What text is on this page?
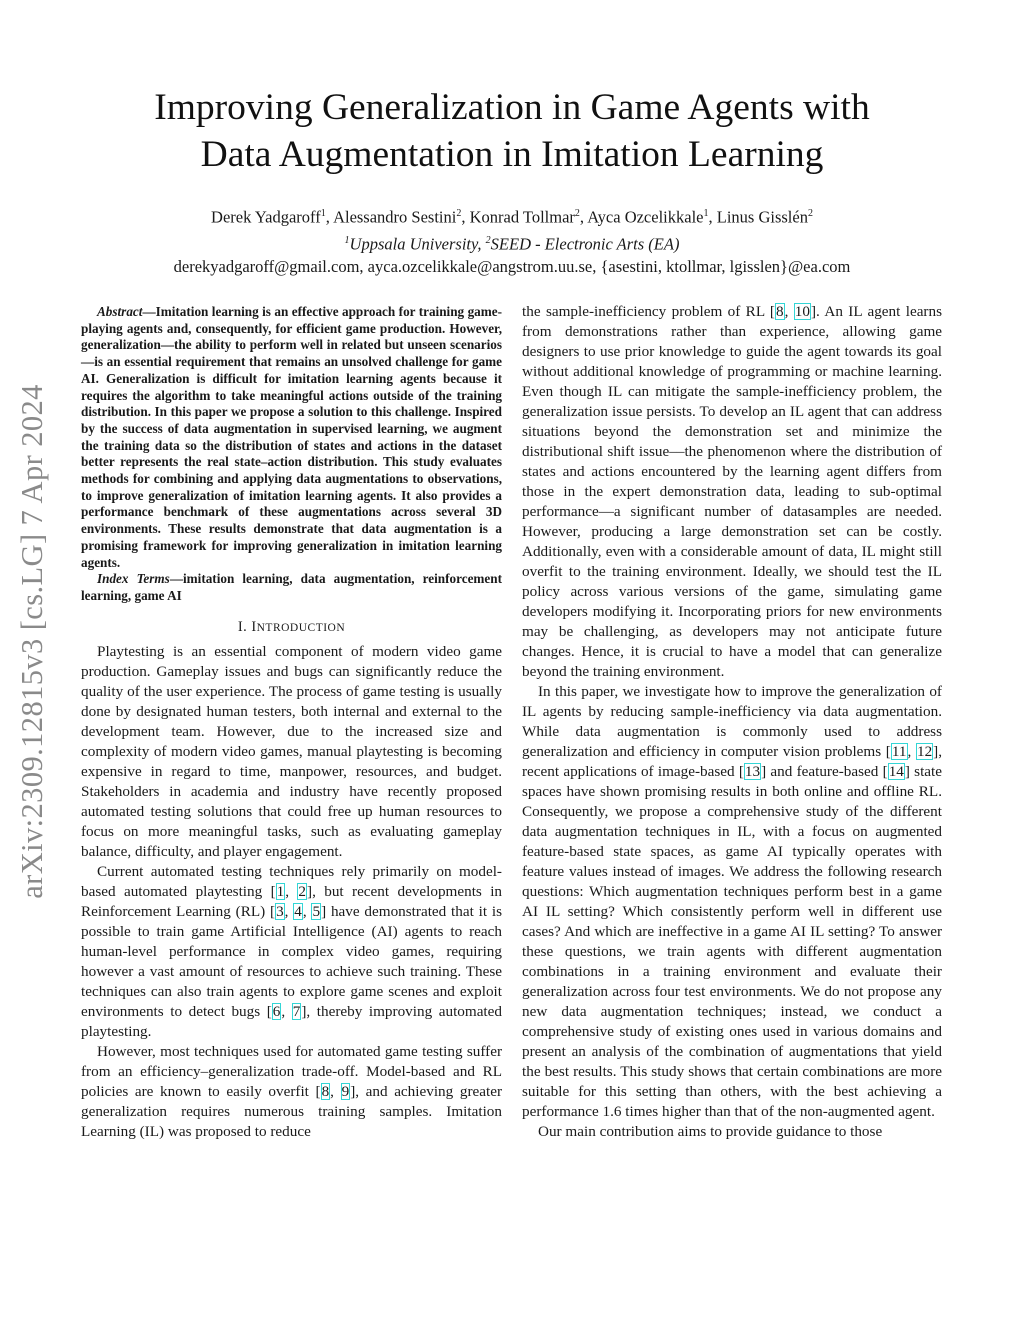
arXiv:2309.12815v3 [cs.LG] 7 Apr 2024
Improving Generalization in Game Agents with
Data Augmentation in Imitation Learning
Derek Yadgaroff$^1$, Alessandro Sestini$^2$, Konrad Tollmar$^2$, Ayca Ozcelikkale$^1$, Linus Gisslén$^2$
$^1$Uppsala University, $^2$SEED - Electronic Arts (EA)
derekyadgaroff@gmail.com, ayca.ozcelikkale@angstrom.uu.se, {asestini, ktollmar, lgisslen}@ea.com

Abstract—Imitation learning is an effective approach for training game-playing agents and, consequently, for efficient game production. However, generalization—the ability to perform well in related but unseen scenarios—is an essential requirement that remains an unsolved challenge for game AI. Generalization is difficult for imitation learning agents because it requires the algorithm to take meaningful actions outside of the training distribution. In this paper we propose a solution to this challenge. Inspired by the success of data augmentation in supervised learning, we augment the training data so the distribution of states and actions in the dataset better represents the real state–action distribution. This study evaluates methods for combining and applying data augmentations to observations, to improve generalization of imitation learning agents. It also provides a performance benchmark of these augmentations across several 3D environments. These results demonstrate that data augmentation is a promising framework for improving generalization in imitation learning agents.

Index Terms—imitation learning, data augmentation, reinforcement learning, game AI

I. INTRODUCTION

Playtesting is an essential component of modern video game production. Gameplay issues and bugs can significantly reduce the quality of the user experience. The process of game testing is usually done by designated human testers, both internal and external to the development team. However, due to the increased size and complexity of modern video games, manual playtesting is becoming expensive in regard to time, manpower, resources, and budget. Stakeholders in academia and industry have recently proposed automated testing solutions that could free up human resources to focus on more meaningful tasks, such as evaluating gameplay balance, difficulty, and player engagement.

Current automated testing techniques rely primarily on model-based automated playtesting [1, 2], but recent developments in Reinforcement Learning (RL) [3, 4, 5] have demonstrated that it is possible to train game Artificial Intelligence (AI) agents to reach human-level performance in complex video games, requiring however a vast amount of resources to achieve such training. These techniques can also train agents to explore game scenes and exploit environments to detect bugs [6, 7], thereby improving automated playtesting.

However, most techniques used for automated game testing suffer from an efficiency–generalization trade-off. Model-based and RL policies are known to easily overfit [8, 9], and achieving greater generalization requires numerous training samples. Imitation Learning (IL) was proposed to reduce

the sample-inefficiency problem of RL [8, 10]. An IL agent learns from demonstrations rather than experience, allowing game designers to use prior knowledge to guide the agent towards its goal without additional knowledge of programming or machine learning. Even though IL can mitigate the sample-inefficiency problem, the generalization issue persists. To develop an IL agent that can address situations beyond the demonstration set and minimize the distributional shift issue––the phenomenon where the distribution of states and actions encountered by the learning agent differs from those in the expert demonstration data, leading to sub-optimal performance—a significant number of datasamples are needed. However, producing a large demonstration set can be costly. Additionally, even with a considerable amount of data, IL might still overfit to the training environment. Ideally, we should test the IL policy across various versions of the game, simulating game developers modifying it. Incorporating priors for new environments may be challenging, as developers may not anticipate future changes. Hence, it is crucial to have a model that can generalize beyond the training environment.

In this paper, we investigate how to improve the generalization of IL agents by reducing sample-inefficiency via data augmentation. While data augmentation is commonly used to address generalization and efficiency in computer vision problems [11, 12], recent applications of image-based [13] and feature-based [14] state spaces have shown promising results in both online and offline RL. Consequently, we propose a comprehensive study of the different data augmentation techniques in IL, with a focus on augmented feature-based state spaces, as game AI typically operates with feature values instead of images. We address the following research questions: Which augmentation techniques perform best in a game AI IL setting? Which consistently perform well in different use cases? And which are ineffective in a game AI IL setting? To answer these questions, we train agents with different augmentation combinations in a training environment and evaluate their generalization across four test environments. We do not propose any new data augmentation techniques; instead, we conduct a comprehensive study of existing ones used in various domains and present an analysis of the combination of augmentations that yield the best results. This study shows that certain combinations are more suitable for this setting than others, with the best achieving a performance 1.6 times higher than that of the non-augmented agent.

Our main contribution aims to provide guidance to those
